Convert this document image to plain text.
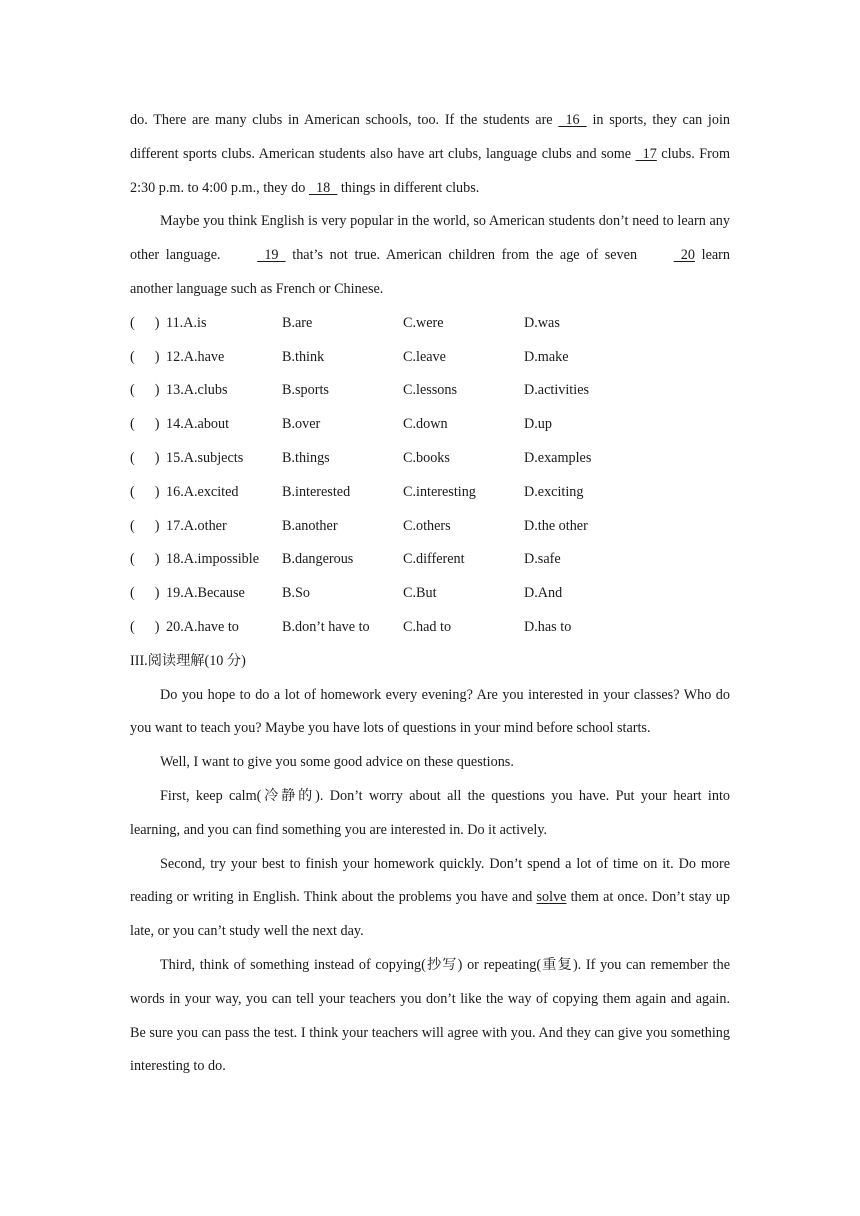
do. There are many clubs in American schools, too. If the students are   16   in sports, they can join different sports clubs. American students also have art clubs, language clubs and some   17 clubs. From 2:30 p.m. to 4:00 p.m., they do   18   things in different clubs.

Maybe you think English is very popular in the world, so American students don’t need to learn any other language.   19   that’s not true. American children from the age of seven   20 learn another language such as French or Chinese.

( ) 11.A.is	B.are	C.were	D.was
( ) 12.A.have	B.think	C.leave	D.make
( ) 13.A.clubs	B.sports	C.lessons	D.activities
( ) 14.A.about	B.over	C.down	D.up
( ) 15.A.subjects	B.things	C.books	D.examples
( ) 16.A.excited	B.interested	C.interesting	D.exciting
( ) 17.A.other	B.another	C.others	D.the other
( ) 18.A.impossible	B.dangerous	C.different	D.safe
( ) 19.A.Because	B.So	C.But	D.And
( ) 20.A.have to	B.don’t have to	C.had to	D.has to

III.阅读理解(10 分)

Do you hope to do a lot of homework every evening? Are you interested in your classes? Who do you want to teach you? Maybe you have lots of questions in your mind before school starts.

Well, I want to give you some good advice on these questions.

First, keep calm(冷静的). Don’t worry about all the questions you have. Put your heart into learning, and you can find something you are interested in. Do it actively.

Second, try your best to finish your homework quickly. Don’t spend a lot of time on it. Do more reading or writing in English. Think about the problems you have and solve them at once. Don’t stay up late, or you can’t study well the next day.

Third, think of something instead of copying(抄写) or repeating(重复). If you can remember the words in your way, you can tell your teachers you don’t like the way of copying them again and again. Be sure you can pass the test. I think your teachers will agree with you. And they can give you something interesting to do.
